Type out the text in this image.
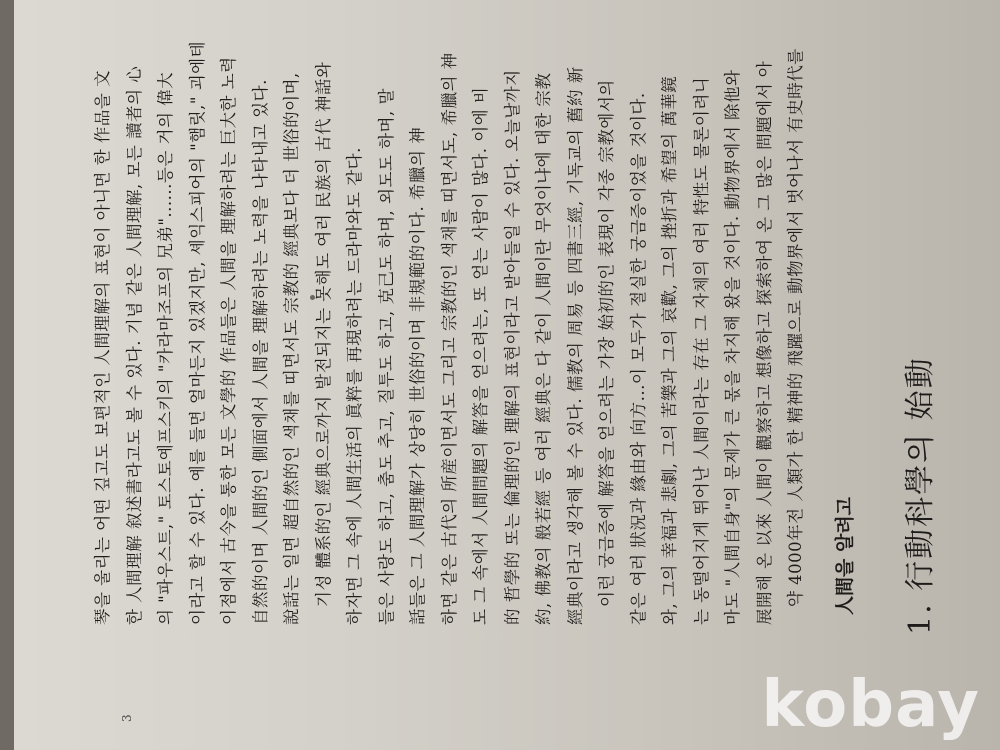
1. 行動科學의 始動
人間을 알려고
약 4000年전 人類가 한 精神的 飛躍으로 動物界에서 벗어나서 有史時代를
展開해 온 以來 人間이 觀察하고 想像하고 探索하여 온 그 많은 問題에서 아
마도 "人間自身"의 문제가 큰 몫을 차지해 왔을 것이다. 動物界에서 除他와
는 동떨어지게 뛰어난 人間이라는 存在 그 자체의 여러 特性도 물론이려니
와, 그의 幸福과 悲劇, 그의 苦樂과 그의 哀歡, 그의 挫折과 希望의 萬華鏡
같은 여러 狀況과 緣由와 向方...이 모두가 절실한 궁금증이었을 것이다.
이런 궁금증에 解答을 얻으려는 가장 始初的인 表現이 각종 宗教에서의
經典이라고 생각해 볼 수 있다. 儒教의 周易 등 四書三經, 기독교의 舊約 新
約, 佛教의 般若經 등 여러 經典은 다 같이 人間이란 무엇이냐에 대한 宗教
的 哲學的 또는 倫理的인 理解의 표현이라고 받아들일 수 있다. 오늘날까지
도 그 속에서 人間問題의 解答을 얻으려는, 또 얻는 사람이 많다. 이에 비
하면 같은 古代의 所産이면서도 그리고 宗教的인 색채를 띠면서도, 希臘의 神
話들은 그 人間理解가 상당히 世俗的이며 非規範的이다. 希臘의 神
들은 사랑도 하고, 춤도 추고, 질투도 하고, 克己도 하며, 외도도 하며, 말
하자면 그 속에 人間生活의 眞粹를 再現하려는 드라마와도 같다.
기성 體系的인 經典으로까지 발전되지는 못해도 여러 民族의 古代 神話와
說話는 일면 超自然的인 색채를 띠면서도 宗教的 經典보다 더 世俗的이며,
自然的이며 人間的인 側面에서 人間을 理解하려는 노력을 나타내고 있다.
이점에서 古今을 통한 모든 文學的 作品들은 人間을 理解하려는 巨大한 노력
이라고 할 수 있다. 예를 들면 얼마든지 있겠지만, 셰익스피어의 "햄릿," 괴에테
의 "파우스트," 토스토예프스키의 "카라마조프의 兄弟"......등은 거의 偉大
한 人間理解 叙述書라고도 볼 수 있다. 기념 같은 人間理解, 모든 讀者의 心
琴을 울리는 어떤 깊고도 보편적인 人間理解의 표현이 아니면 한 作品을 文
3	kobay
